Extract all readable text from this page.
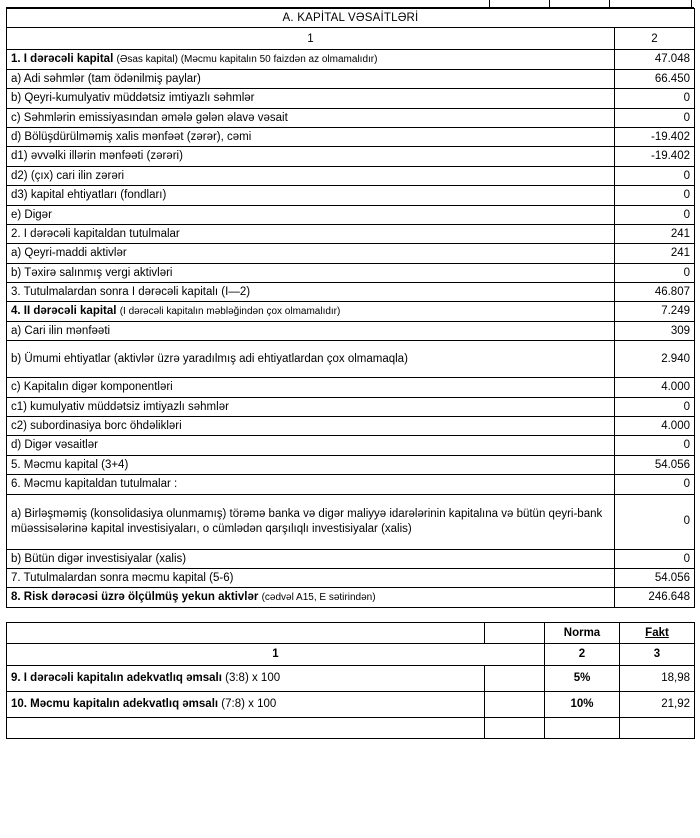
A. KAPİTAL VƏSAİTLƏRİ	
1	2
1. I dərəcəli kapital (Əsas kapital) (Məcmu kapitalın 50 faizdən az olmamalıdır)	47.048
a) Adi səhmlər (tam ödənilmiş paylar)	66.450
b) Qeyri-kumulyativ müddətsiz imtiyazlı səhmlər	0
c) Səhmlərin emissiyasından əmələ gələn əlavə vəsait	0
d) Bölüşdürülməmiş xalis mənfəət (zərər), cəmi	-19.402
d1) əvvəlki illərin mənfəəti (zərəri)	-19.402
d2) (çıx) cari ilin zərəri	0
d3) kapital ehtiyatları (fondları)	0
e) Digər	0
2. I dərəcəli kapitaldan tutulmalar	241
a) Qeyri-maddi aktivlər	241
b) Təxirə salınmış vergi aktivləri	0
3. Tutulmalardan sonra I dərəcəli kapitalı (I—2)	46.807
4. II dərəcəli kapital (I dərəcəli kapitalın məbləğindən çox olmamalıdır)	7.249
a) Cari ilin mənfəəti	309
b) Ümumi ehtiyatlar (aktivlər üzrə yaradılmış adi ehtiyatlardan çox olmamaqla)	2.940
c) Kapitalın digər komponentləri	4.000
c1) kumulyativ müddətsiz imtiyazlı səhmlər	0
c2) subordinasiya borc öhdəlikləri	4.000
d) Digər vəsaitlər	0
5. Məcmu kapital (3+4)	54.056
6. Məcmu kapitaldan tutulmalar :	0
a) Birləşməmiş (konsolidasiya olunmamış) törəmə banka və digər maliyyə idarələrinin kapitalına və bütün qeyri-bank müəssisələrinə kapital investisiyaları, o cümlədən qarşılıqlı investisiyalar (xalis)	0
b) Bütün digər investisiyalar (xalis)	0
7. Tutulmalardan sonra məcmu kapital (5-6)	54.056
8. Risk dərəcəsi üzrə ölçülmüş yekun aktivlər (cədvəl A15, E sətirindən)	246.648
		Norma	Fakt
1		2	3
9. I dərəcəli kapitalın adekvatlıq əmsalı (3:8) x 100		5%	18,98
10. Məcmu kapitalın adekvatlıq əmsalı (7:8) x 100		10%	21,92
